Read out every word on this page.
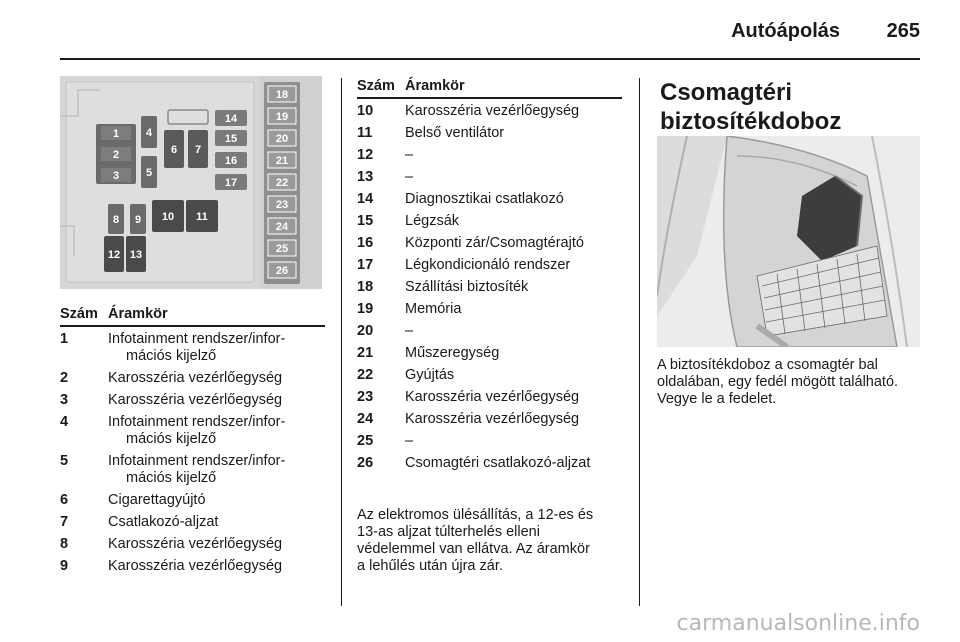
Autóápolás 265
1
2
3
4
5
6 7
14
15
16
17
8 9 10 11
12 13
18
19
20
21
22
23
24
25
26
Szám Áramkör
1	Infotainment rendszer/infor-
mációs kijelző
2	Karosszéria vezérlőegység
3	Karosszéria vezérlőegység
4	Infotainment rendszer/infor-
mációs kijelző
5	Infotainment rendszer/infor-
mációs kijelző
6	Cigarettagyújtó
7	Csatlakozó-aljzat
8	Karosszéria vezérlőegység
9	Karosszéria vezérlőegység
Szám Áramkör
10	Karosszéria vezérlőegység
11	Belső ventilátor
12	–
13	–
14	Diagnosztikai csatlakozó
15	Légzsák
16	Központi zár/Csomagtérajtó
17	Légkondicionáló rendszer
18	Szállítási biztosíték
19	Memória
20	–
21	Műszeregység
22	Gyújtás
23	Karosszéria vezérlőegység
24	Karosszéria vezérlőegység
25	–
26	Csomagtéri csatlakozó-aljzat
Az elektromos ülésállítás, a 12-es és
13-as aljzat túlterhelés elleni
védelemmel van ellátva. Az áramkör
a lehűlés után újra zár.
Csomagtéri
biztosítékdoboz
A biztosítékdoboz a csomagtér bal
oldalában, egy fedél mögött található.
Vegye le a fedelet.
carmanualsonline.info
